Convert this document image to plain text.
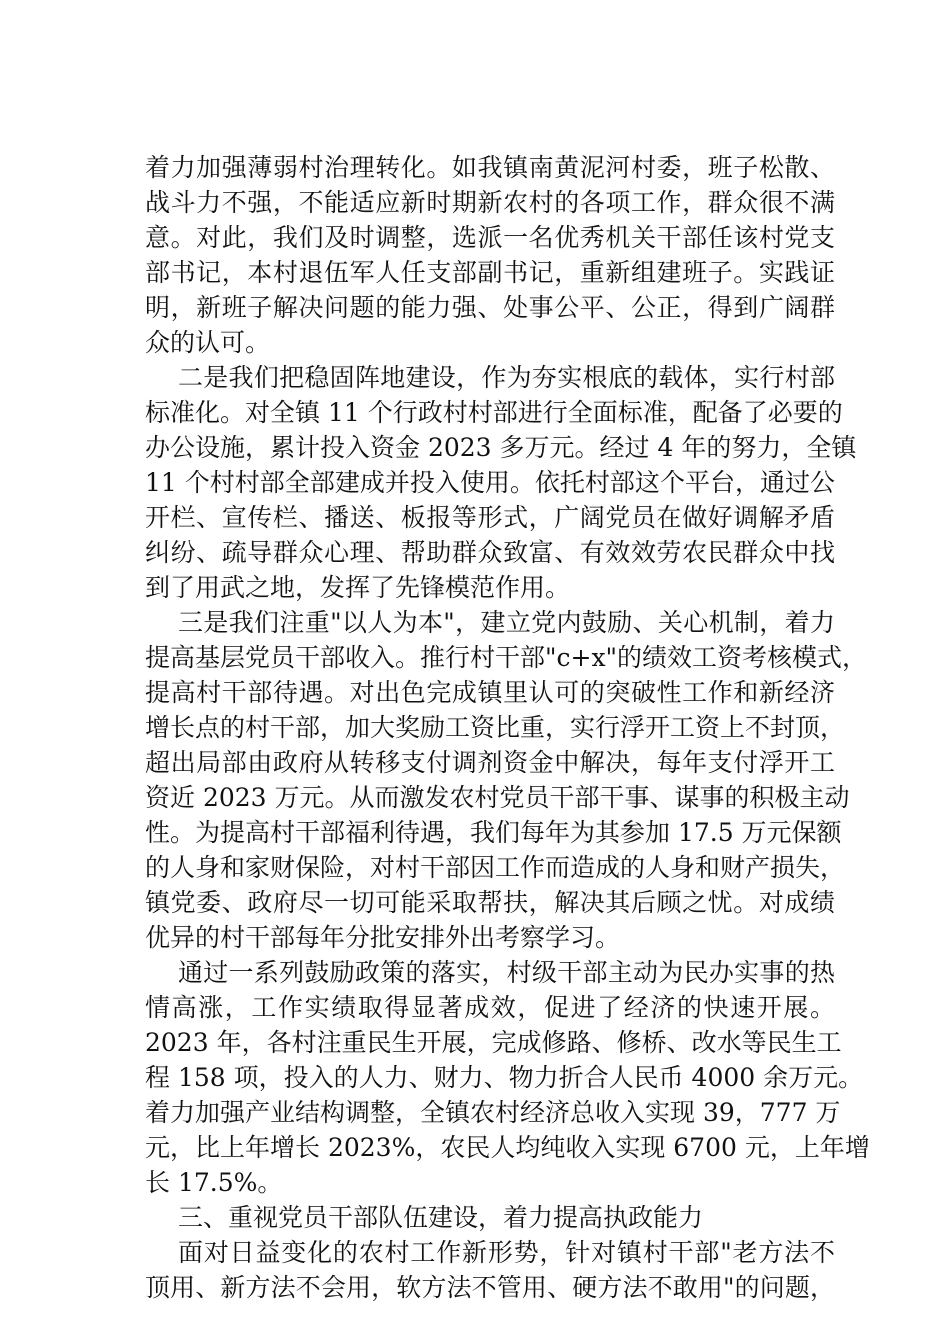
着力加强薄弱村治理转化。如我镇南黄泥河村委，班子松散、
战斗力不强，不能适应新时期新农村的各项工作，群众很不满
意。对此，我们及时调整，选派一名优秀机关干部任该村党支
部书记，本村退伍军人任支部副书记，重新组建班子。实践证
明，新班子解决问题的能力强、处事公平、公正，得到广阔群
众的认可。
二是我们把稳固阵地建设，作为夯实根底的载体，实行村部
标准化。对全镇 11 个行政村村部进行全面标准，配备了必要的
办公设施，累计投入资金 2023 多万元。经过 4 年的努力，全镇
11 个村村部全部建成并投入使用。依托村部这个平台，通过公
开栏、宣传栏、播送、板报等形式，广阔党员在做好调解矛盾
纠纷、疏导群众心理、帮助群众致富、有效效劳农民群众中找
到了用武之地，发挥了先锋模范作用。
三是我们注重"以人为本"，建立党内鼓励、关心机制，着力
提高基层党员干部收入。推行村干部"c+x"的绩效工资考核模式，
提高村干部待遇。对出色完成镇里认可的突破性工作和新经济
增长点的村干部，加大奖励工资比重，实行浮开工资上不封顶，
超出局部由政府从转移支付调剂资金中解决，每年支付浮开工
资近 2023 万元。从而激发农村党员干部干事、谋事的积极主动
性。为提高村干部福利待遇，我们每年为其参加 17.5 万元保额
的人身和家财保险，对村干部因工作而造成的人身和财产损失，
镇党委、政府尽一切可能采取帮扶，解决其后顾之忧。对成绩
优异的村干部每年分批安排外出考察学习。
通过一系列鼓励政策的落实，村级干部主动为民办实事的热
情高涨，工作实绩取得显著成效，促进了经济的快速开展。
2023 年，各村注重民生开展，完成修路、修桥、改水等民生工
程 158 项，投入的人力、财力、物力折合人民币 4000 余万元。
着力加强产业结构调整，全镇农村经济总收入实现 39，777 万
元，比上年增长 2023%，农民人均纯收入实现 6700 元，上年增
长 17.5%。
三、重视党员干部队伍建设，着力提高执政能力
面对日益变化的农村工作新形势，针对镇村干部"老方法不
顶用、新方法不会用，软方法不管用、硬方法不敢用"的问题，
